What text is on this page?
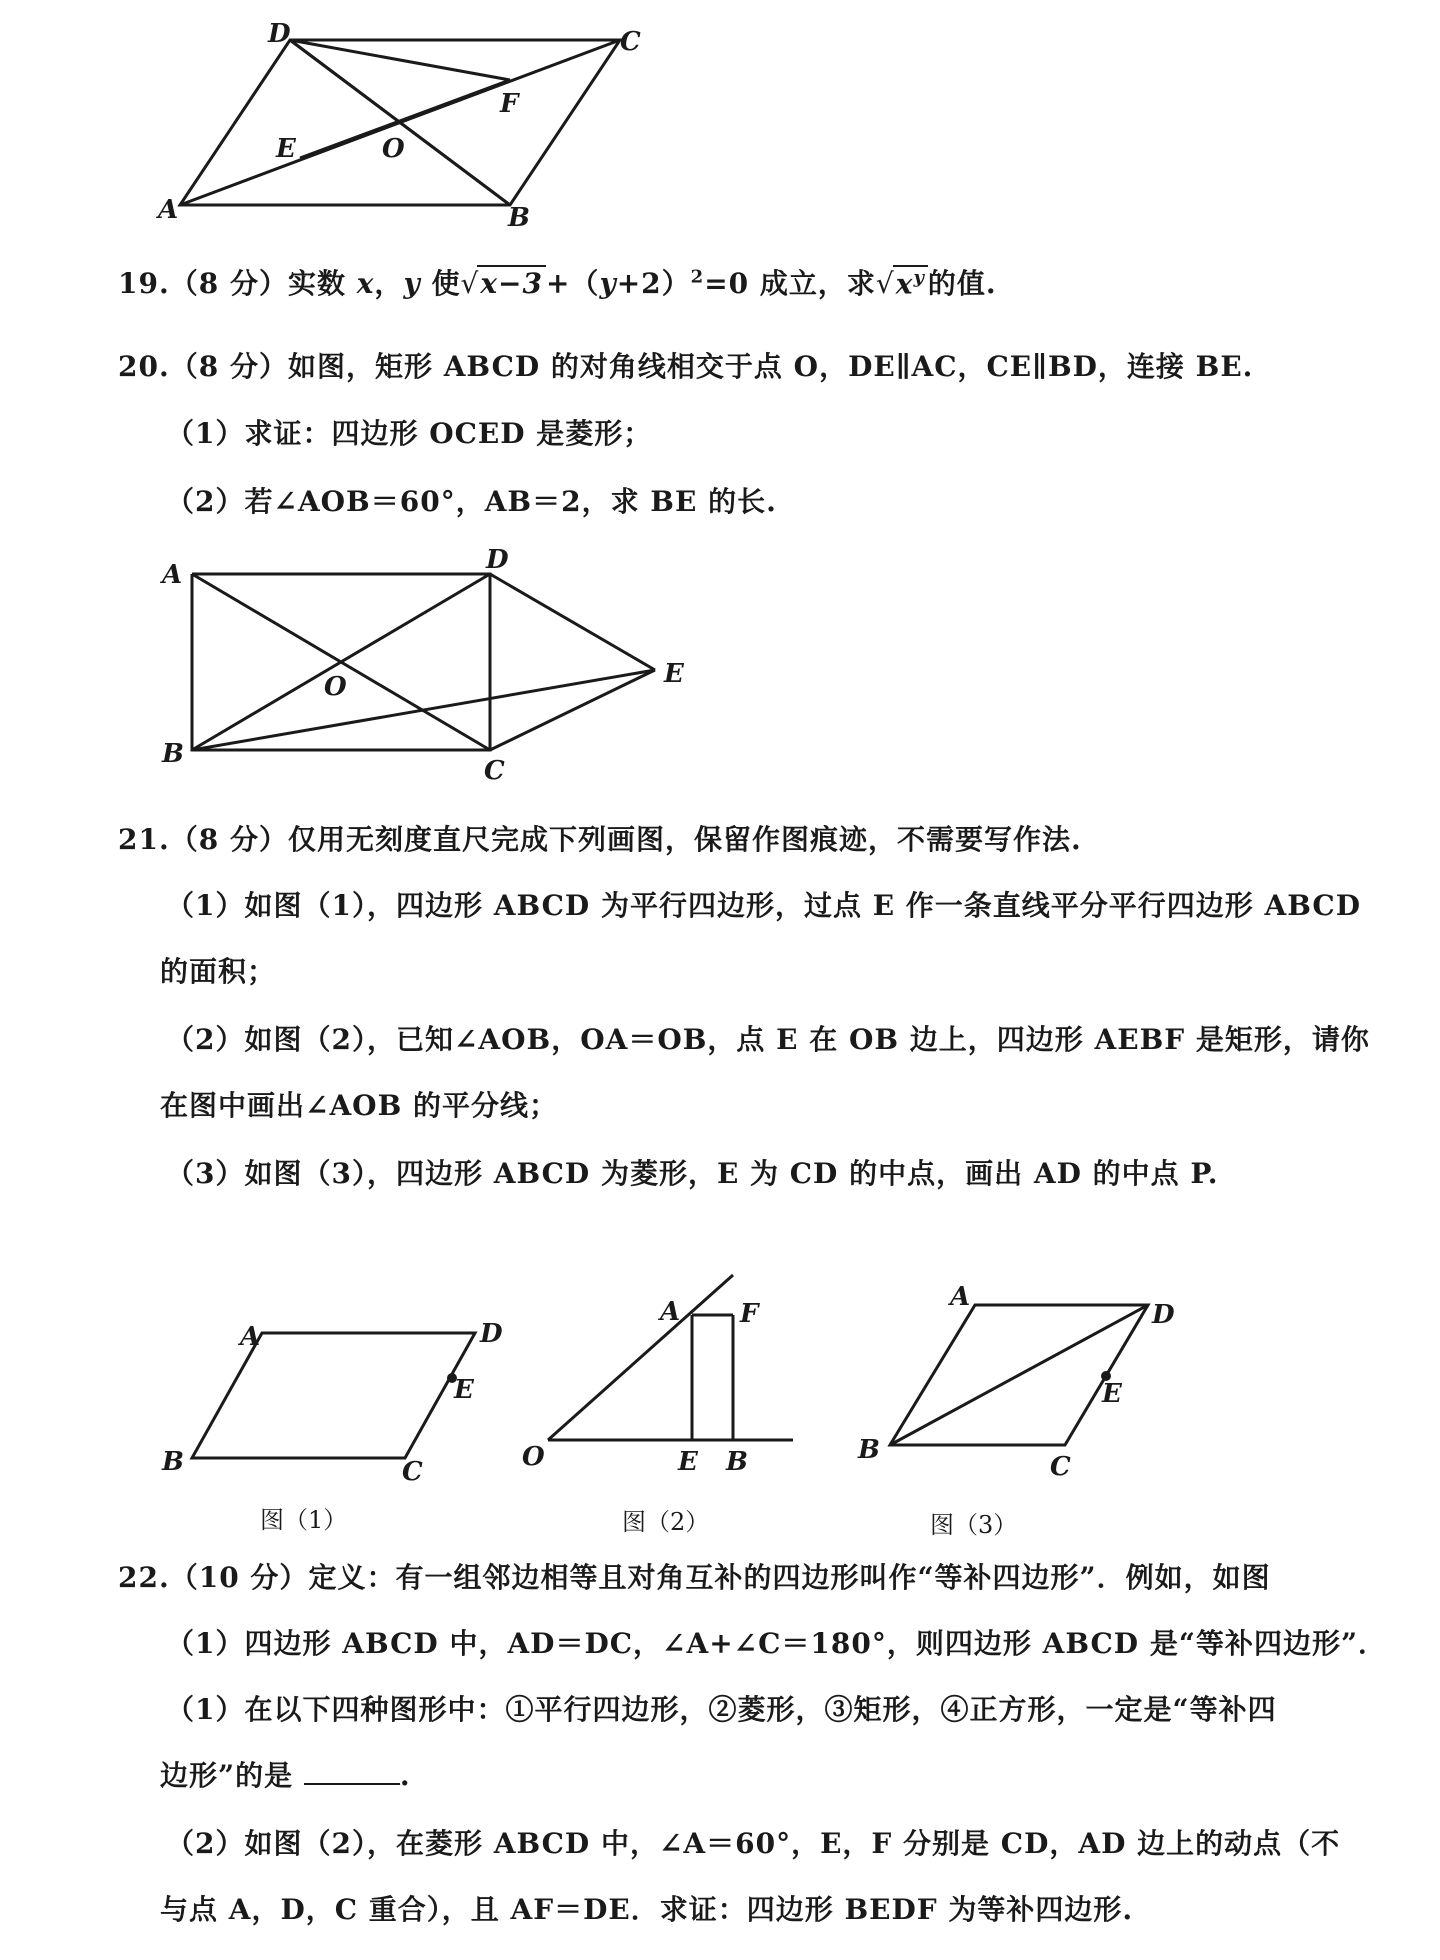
A	B
C
D
E
F
O
A	D
E
O
B
C
A	D
E
B	C
图（1）
A F
O	E B
图（2）
A
D
E
B
C
图（3）
19.（8 分）实数 x，y 使$√x-3 +(y+2)^2=0$ 成立，求$√x^y$ 的值.
20.（8 分）如图，矩形 ABCD 的对角线相交于点 O，DE∥AC，CE∥BD，连接 BE.
（1）求证：四边形 OCED 是菱形；
（2）若∠AOB＝60°，AB＝2，求 BE 的长.
21.（8 分）仅用无刻度直尺完成下列画图，保留作图痕迹，不需要写作法.
（1）如图（1），四边形 ABCD 为平行四边形，过点 E 作一条直线平分平行四边形 ABCD
的面积；
（2）如图（2），已知∠AOB，OA＝OB，点 E 在 OB 边上，四边形 AEBF 是矩形，请你
在图中画出∠AOB 的平分线；
（3）如图（3），四边形 ABCD 为菱形，E 为 CD 的中点，画出 AD 的中点 P.
22.（10 分）定义：有一组邻边相等且对角互补的四边形叫作“等补四边形”．例如，如图
（1）四边形 ABCD 中，AD＝DC，∠A+∠C＝180°，则四边形 ABCD 是“等补四边形”．
（1）在以下四种图形中：①平行四边形，②菱形，③矩形，④正方形，一定是“等补四
边形”的是	.
（2）如图（2），在菱形 ABCD 中，∠A＝60°，E，F 分别是 CD，AD 边上的动点（不
与点 A，D，C 重合），且 AF＝DE．求证：四边形 BEDF 为等补四边形.
